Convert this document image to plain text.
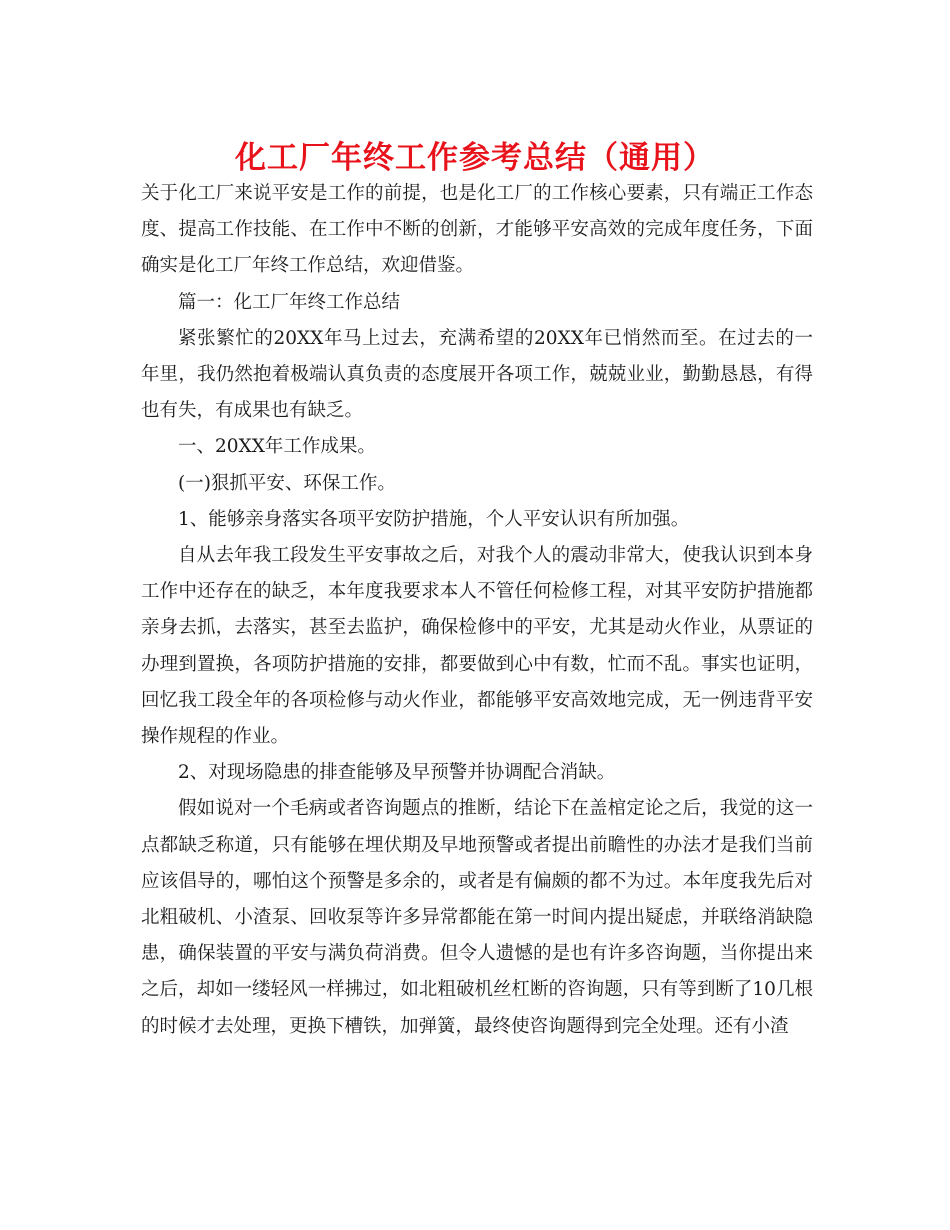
化工厂年终工作参考总结（通用）

关于化工厂来说平安是工作的前提，也是化工厂的工作核心要素，只有端正工作态度、提高工作技能、在工作中不断的创新，才能够平安高效的完成年度任务，下面确实是化工厂年终工作总结，欢迎借鉴。

篇一：化工厂年终工作总结

紧张繁忙的20XX年马上过去，充满希望的20XX年已悄然而至。在过去的一年里，我仍然抱着极端认真负责的态度展开各项工作，兢兢业业，勤勤恳恳，有得也有失，有成果也有缺乏。

一、20XX年工作成果。

(一)狠抓平安、环保工作。

1、能够亲身落实各项平安防护措施，个人平安认识有所加强。

自从去年我工段发生平安事故之后，对我个人的震动非常大，使我认识到本身工作中还存在的缺乏，本年度我要求本人不管任何检修工程，对其平安防护措施都亲身去抓，去落实，甚至去监护，确保检修中的平安，尤其是动火作业，从票证的办理到置换，各项防护措施的安排，都要做到心中有数，忙而不乱。事实也证明，回忆我工段全年的各项检修与动火作业，都能够平安高效地完成，无一例违背平安操作规程的作业。

2、对现场隐患的排查能够及早预警并协调配合消缺。

假如说对一个毛病或者咨询题点的推断，结论下在盖棺定论之后，我觉的这一点都缺乏称道，只有能够在埋伏期及早地预警或者提出前瞻性的办法才是我们当前应该倡导的，哪怕这个预警是多余的，或者是有偏颇的都不为过。本年度我先后对北粗破机、小渣泵、回收泵等许多异常都能在第一时间内提出疑虑，并联络消缺隐患，确保装置的平安与满负荷消费。但令人遗憾的是也有许多咨询题，当你提出来之后，却如一缕轻风一样拂过，如北粗破机丝杠断的咨询题，只有等到断了10几根的时候才去处理，更换下槽铁，加弹簧，最终使咨询题得到完全处理。还有小渣
